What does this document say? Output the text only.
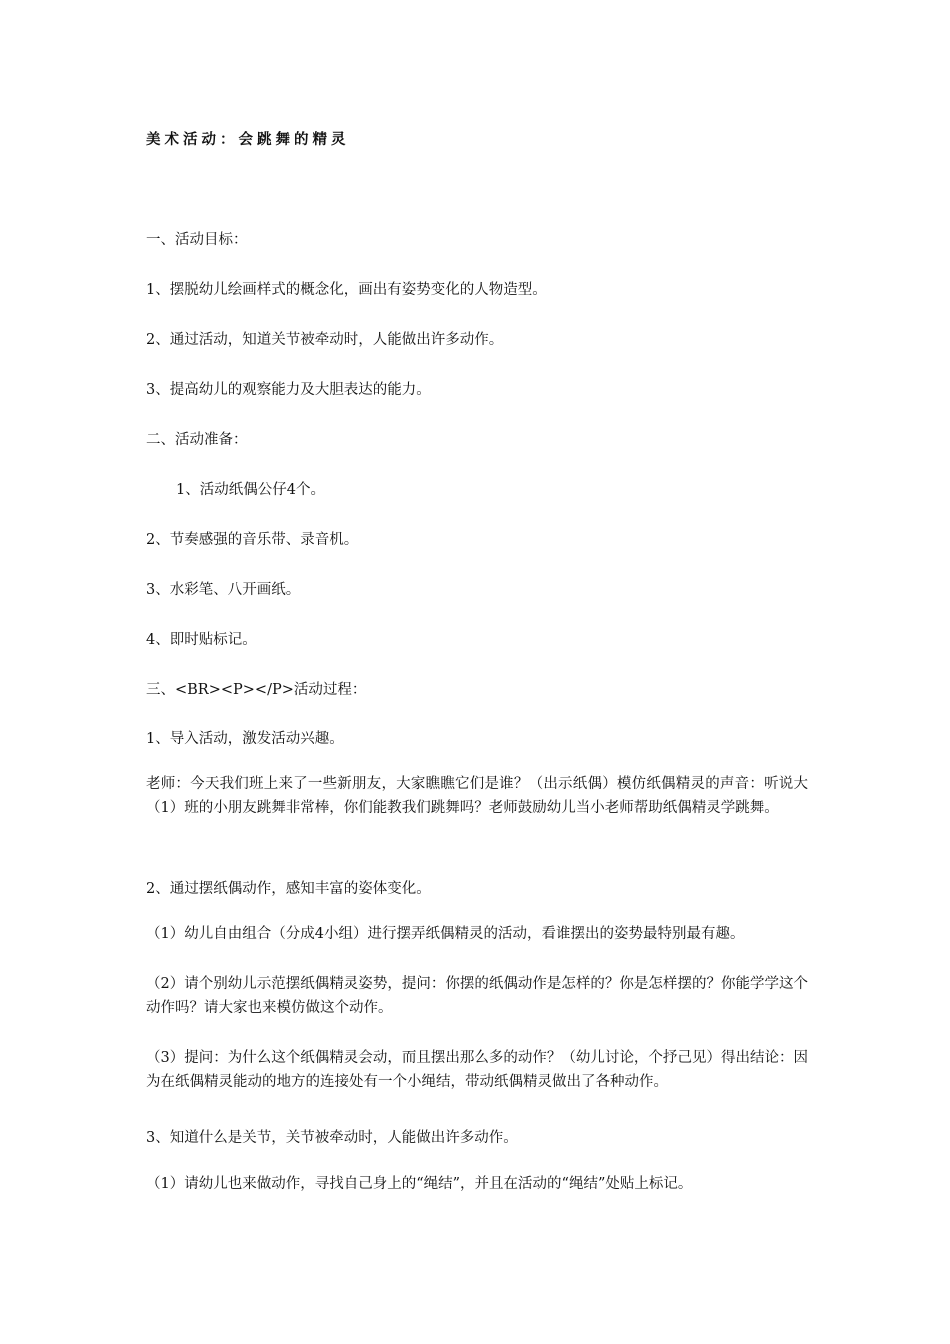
美术活动：会跳舞的精灵
一、活动目标：
1、摆脱幼儿绘画样式的概念化，画出有姿势变化的人物造型。
2、通过活动，知道关节被牵动时，人能做出许多动作。
3、提高幼儿的观察能力及大胆表达的能力。
二、活动准备：
1、活动纸偶公仔4个。
2、节奏感强的音乐带、录音机。
3、水彩笔、八开画纸。
4、即时贴标记。
三、<BR><P></P>活动过程：
1、导入活动，激发活动兴趣。
老师：今天我们班上来了一些新朋友，大家瞧瞧它们是谁？（出示纸偶）模仿纸偶精灵的声音：听说大（1）班的小朋友跳舞非常棒，你们能教我们跳舞吗？老师鼓励幼儿当小老师帮助纸偶精灵学跳舞。
2、通过摆纸偶动作，感知丰富的姿体变化。
（1）幼儿自由组合（分成4小组）进行摆弄纸偶精灵的活动，看谁摆出的姿势最特别最有趣。
（2）请个别幼儿示范摆纸偶精灵姿势，提问：你摆的纸偶动作是怎样的？你是怎样摆的？你能学学这个动作吗？请大家也来模仿做这个动作。
（3）提问：为什么这个纸偶精灵会动，而且摆出那么多的动作？（幼儿讨论，个抒己见）得出结论：因为在纸偶精灵能动的地方的连接处有一个小绳结，带动纸偶精灵做出了各种动作。
3、知道什么是关节，关节被牵动时，人能做出许多动作。
（1）请幼儿也来做动作，寻找自己身上的“绳结”，并且在活动的“绳结”处贴上标记。
